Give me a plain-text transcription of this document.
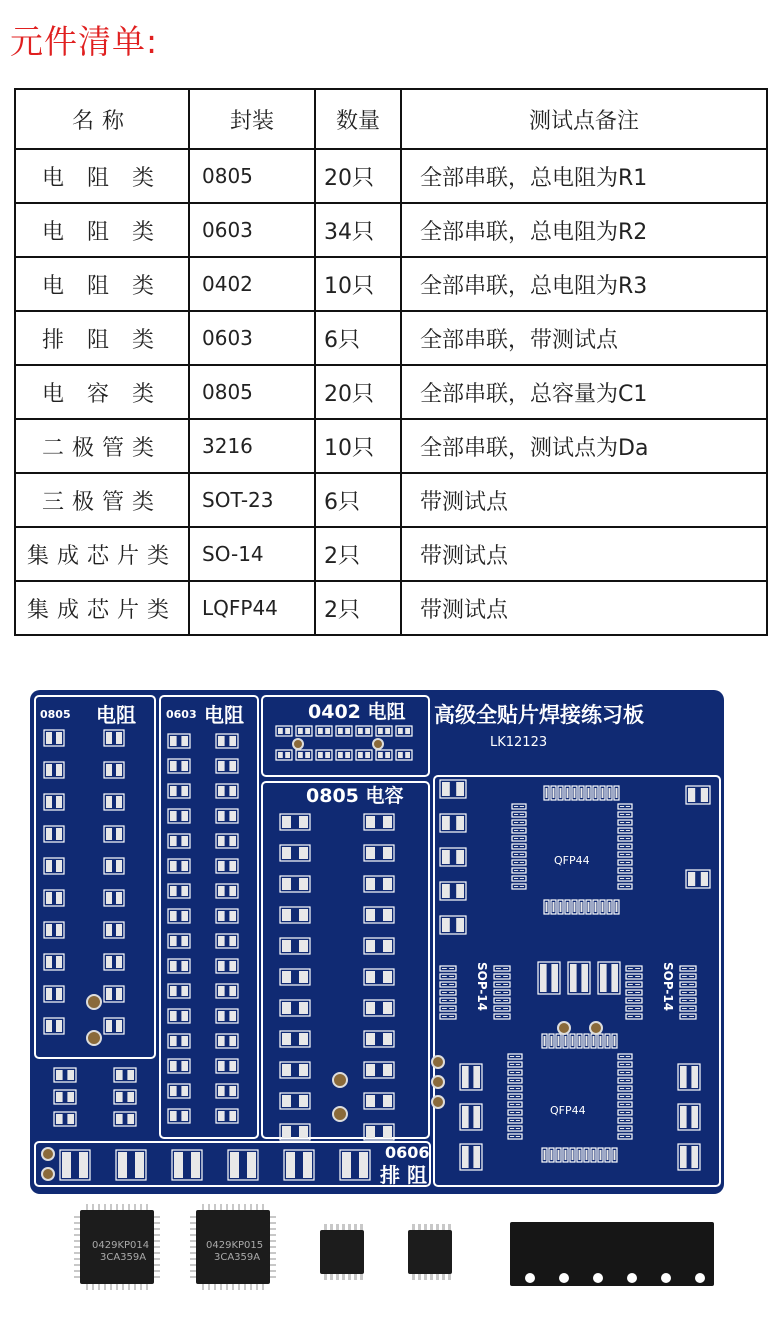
元件清单:
名称	封装	数量	测试点备注
电 阻 类	0805	20只	全部串联，总电阻为R1
电 阻 类	0603	34只	全部串联，总电阻为R2
电 阻 类	0402	10只	全部串联，总电阻为R3
排 阻 类	0603	6只	全部串联，带测试点
电 容 类	0805	20只	全部串联，总容量为C1
二极管类	3216	10只	全部串联，测试点为Da
三极管类	SOT-23	6只	带测试点
集成芯片类	SO-14	2只	带测试点
集成芯片类	LQFP44	2只	带测试点
0805 电阻	0603 电阻	0402 电阻
0805 电容
高级全贴片焊接练习板
LK12123
0606
排 阻
QFP44
QFP44
SOP-14	SOP-14
0429KP014
3CA359A
0429KP015
3CA359A
